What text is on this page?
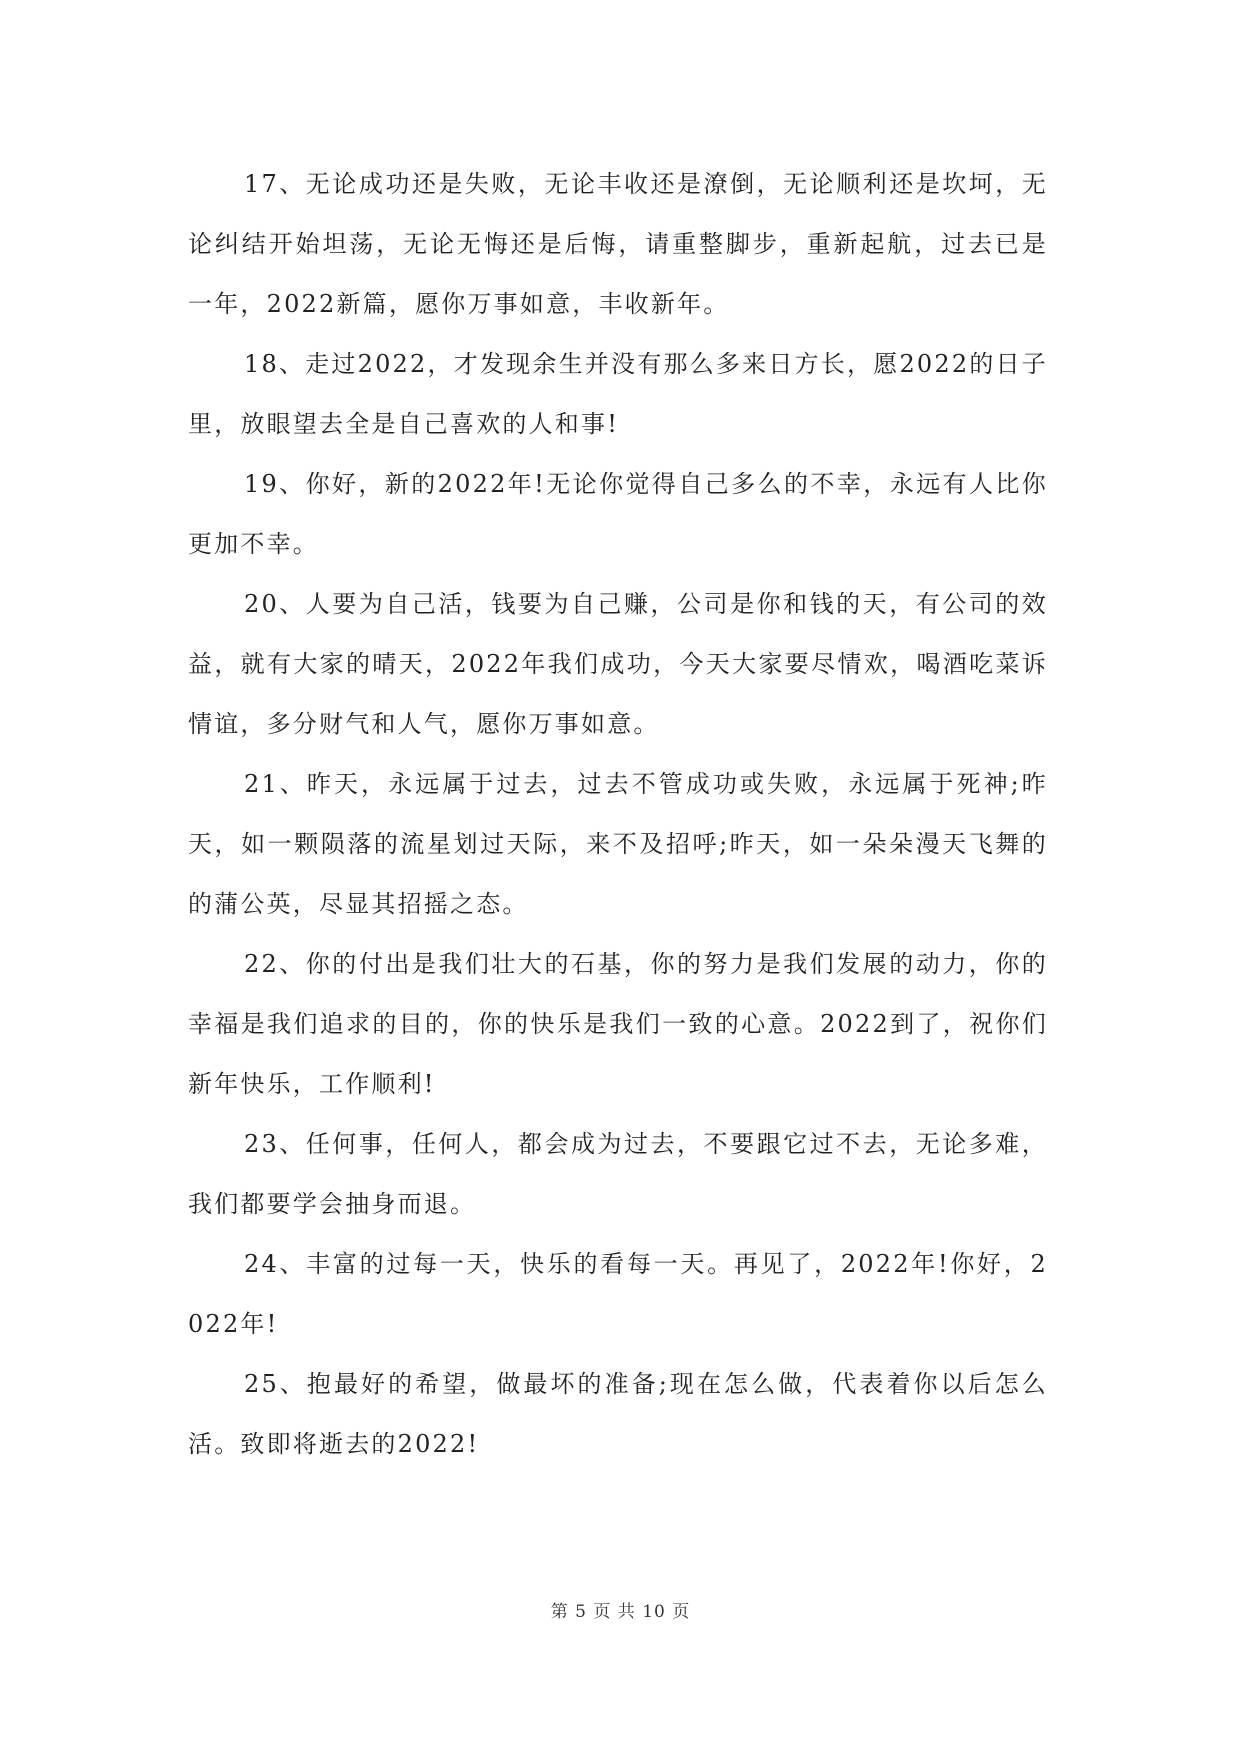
17、无论成功还是失败，无论丰收还是潦倒，无论顺利还是坎坷，无论纠结开始坦荡，无论无悔还是后悔，请重整脚步，重新起航，过去已是一年，2022新篇，愿你万事如意，丰收新年。

18、走过2022，才发现余生并没有那么多来日方长，愿2022的日子里，放眼望去全是自己喜欢的人和事!

19、你好，新的2022年!无论你觉得自己多么的不幸，永远有人比你更加不幸。

20、人要为自己活，钱要为自己赚，公司是你和钱的天，有公司的效益，就有大家的晴天，2022年我们成功，今天大家要尽情欢，喝酒吃菜诉情谊，多分财气和人气，愿你万事如意。

21、昨天，永远属于过去，过去不管成功或失败，永远属于死神;昨天，如一颗陨落的流星划过天际，来不及招呼;昨天，如一朵朵漫天飞舞的的蒲公英，尽显其招摇之态。

22、你的付出是我们壮大的石基，你的努力是我们发展的动力，你的幸福是我们追求的目的，你的快乐是我们一致的心意。2022到了，祝你们新年快乐，工作顺利!

23、任何事，任何人，都会成为过去，不要跟它过不去，无论多难，我们都要学会抽身而退。

24、丰富的过每一天，快乐的看每一天。再见了，2022年!你好，2022年!

25、抱最好的希望，做最坏的准备;现在怎么做，代表着你以后怎么活。致即将逝去的2022!

第 5 页 共 10 页
